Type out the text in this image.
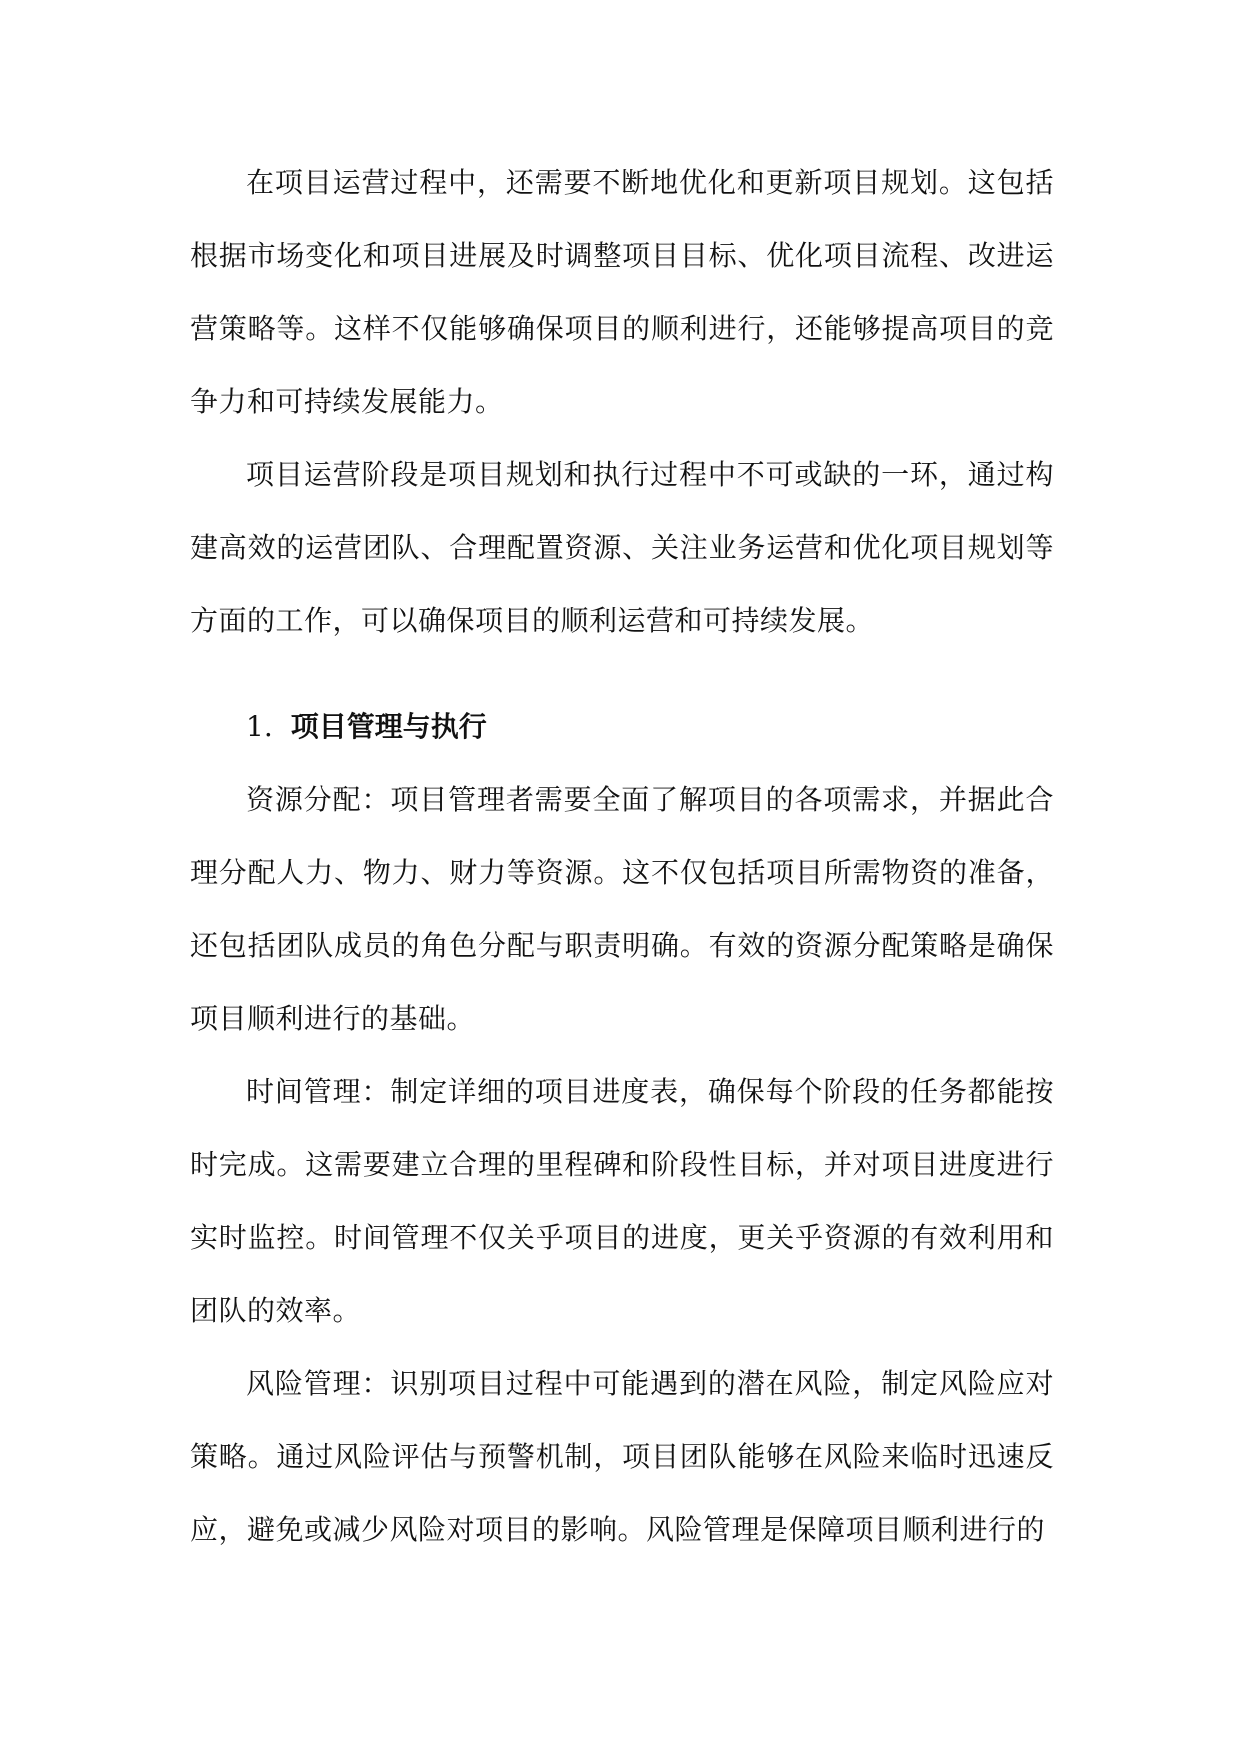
在项目运营过程中，还需要不断地优化和更新项目规划。这包括根据市场变化和项目进展及时调整项目目标、优化项目流程、改进运营策略等。这样不仅能够确保项目的顺利进行，还能够提高项目的竞争力和可持续发展能力。

项目运营阶段是项目规划和执行过程中不可或缺的一环，通过构建高效的运营团队、合理配置资源、关注业务运营和优化项目规划等方面的工作，可以确保项目的顺利运营和可持续发展。

1. 项目管理与执行

资源分配：项目管理者需要全面了解项目的各项需求，并据此合理分配人力、物力、财力等资源。这不仅包括项目所需物资的准备，还包括团队成员的角色分配与职责明确。有效的资源分配策略是确保项目顺利进行的基础。

时间管理：制定详细的项目进度表，确保每个阶段的任务都能按时完成。这需要建立合理的里程碑和阶段性目标，并对项目进度进行实时监控。时间管理不仅关乎项目的进度，更关乎资源的有效利用和团队的效率。

风险管理：识别项目过程中可能遇到的潜在风险，制定风险应对策略。通过风险评估与预警机制，项目团队能够在风险来临时迅速反应，避免或减少风险对项目的影响。风险管理是保障项目顺利进行的
